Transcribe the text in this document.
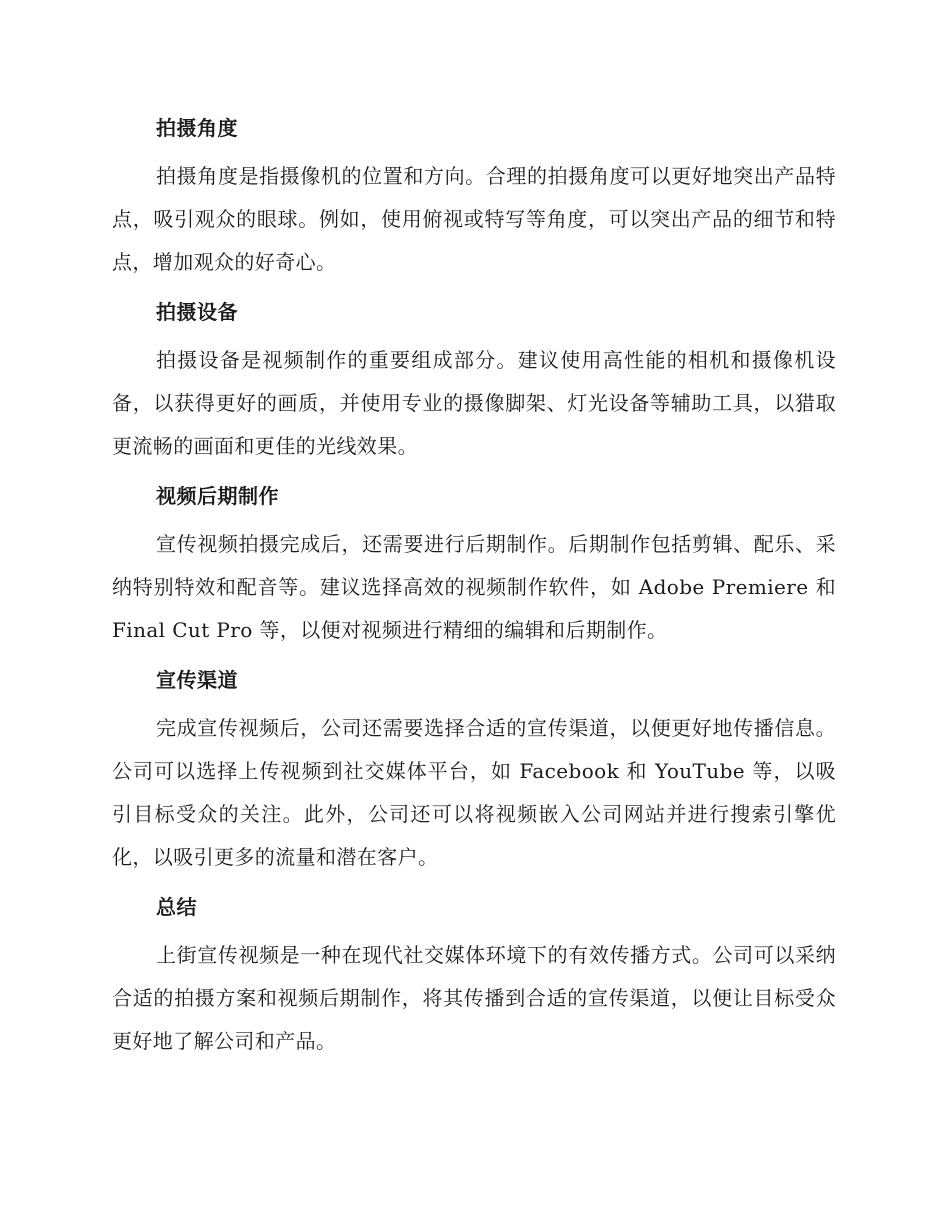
拍摄角度

拍摄角度是指摄像机的位置和方向。合理的拍摄角度可以更好地突出产品特点，吸引观众的眼球。例如，使用俯视或特写等角度，可以突出产品的细节和特点，增加观众的好奇心。

拍摄设备

拍摄设备是视频制作的重要组成部分。建议使用高性能的相机和摄像机设备，以获得更好的画质，并使用专业的摄像脚架、灯光设备等辅助工具，以猎取更流畅的画面和更佳的光线效果。

视频后期制作

宣传视频拍摄完成后，还需要进行后期制作。后期制作包括剪辑、配乐、采纳特别特效和配音等。建议选择高效的视频制作软件，如 Adobe Premiere 和 Final Cut Pro 等，以便对视频进行精细的编辑和后期制作。

宣传渠道

完成宣传视频后，公司还需要选择合适的宣传渠道，以便更好地传播信息。公司可以选择上传视频到社交媒体平台，如 Facebook 和 YouTube 等，以吸引目标受众的关注。此外，公司还可以将视频嵌入公司网站并进行搜索引擎优化，以吸引更多的流量和潜在客户。

总结

上街宣传视频是一种在现代社交媒体环境下的有效传播方式。公司可以采纳合适的拍摄方案和视频后期制作，将其传播到合适的宣传渠道，以便让目标受众更好地了解公司和产品。
